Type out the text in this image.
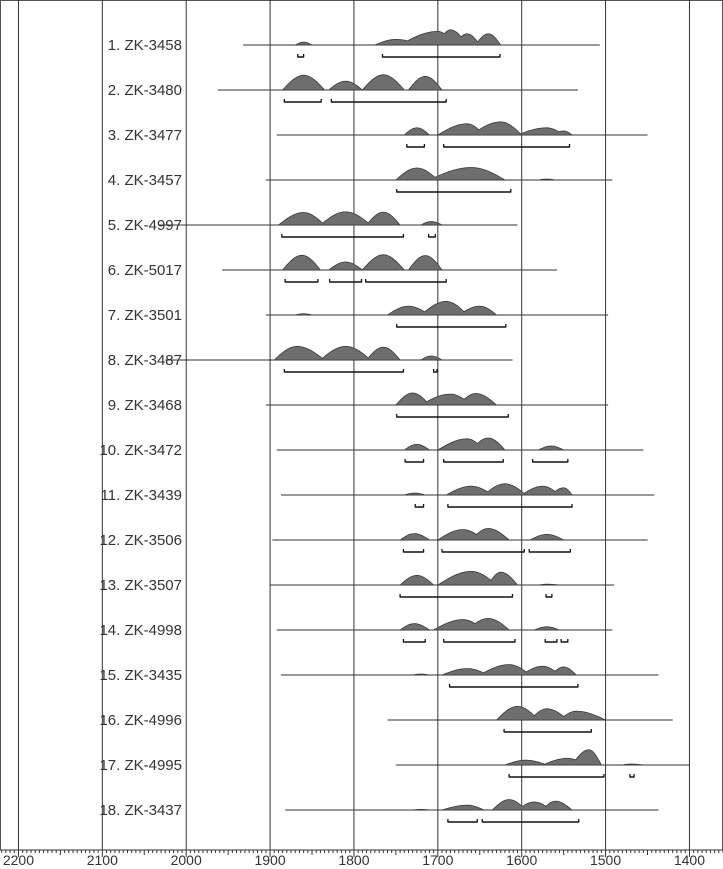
1. ZK-3458
2. ZK-3480
3. ZK-3477
4. ZK-3457
5. ZK-4997
6. ZK-5017
7. ZK-3501
8. ZK-3487
9. ZK-3468
10. ZK-3472
11. ZK-3439
12. ZK-3506
13. ZK-3507
14. ZK-4998
15. ZK-3435
16. ZK-4996
17. ZK-4995
18. ZK-3437
2200	2100	2000	1900	1800	1700	1600	1500	1400
